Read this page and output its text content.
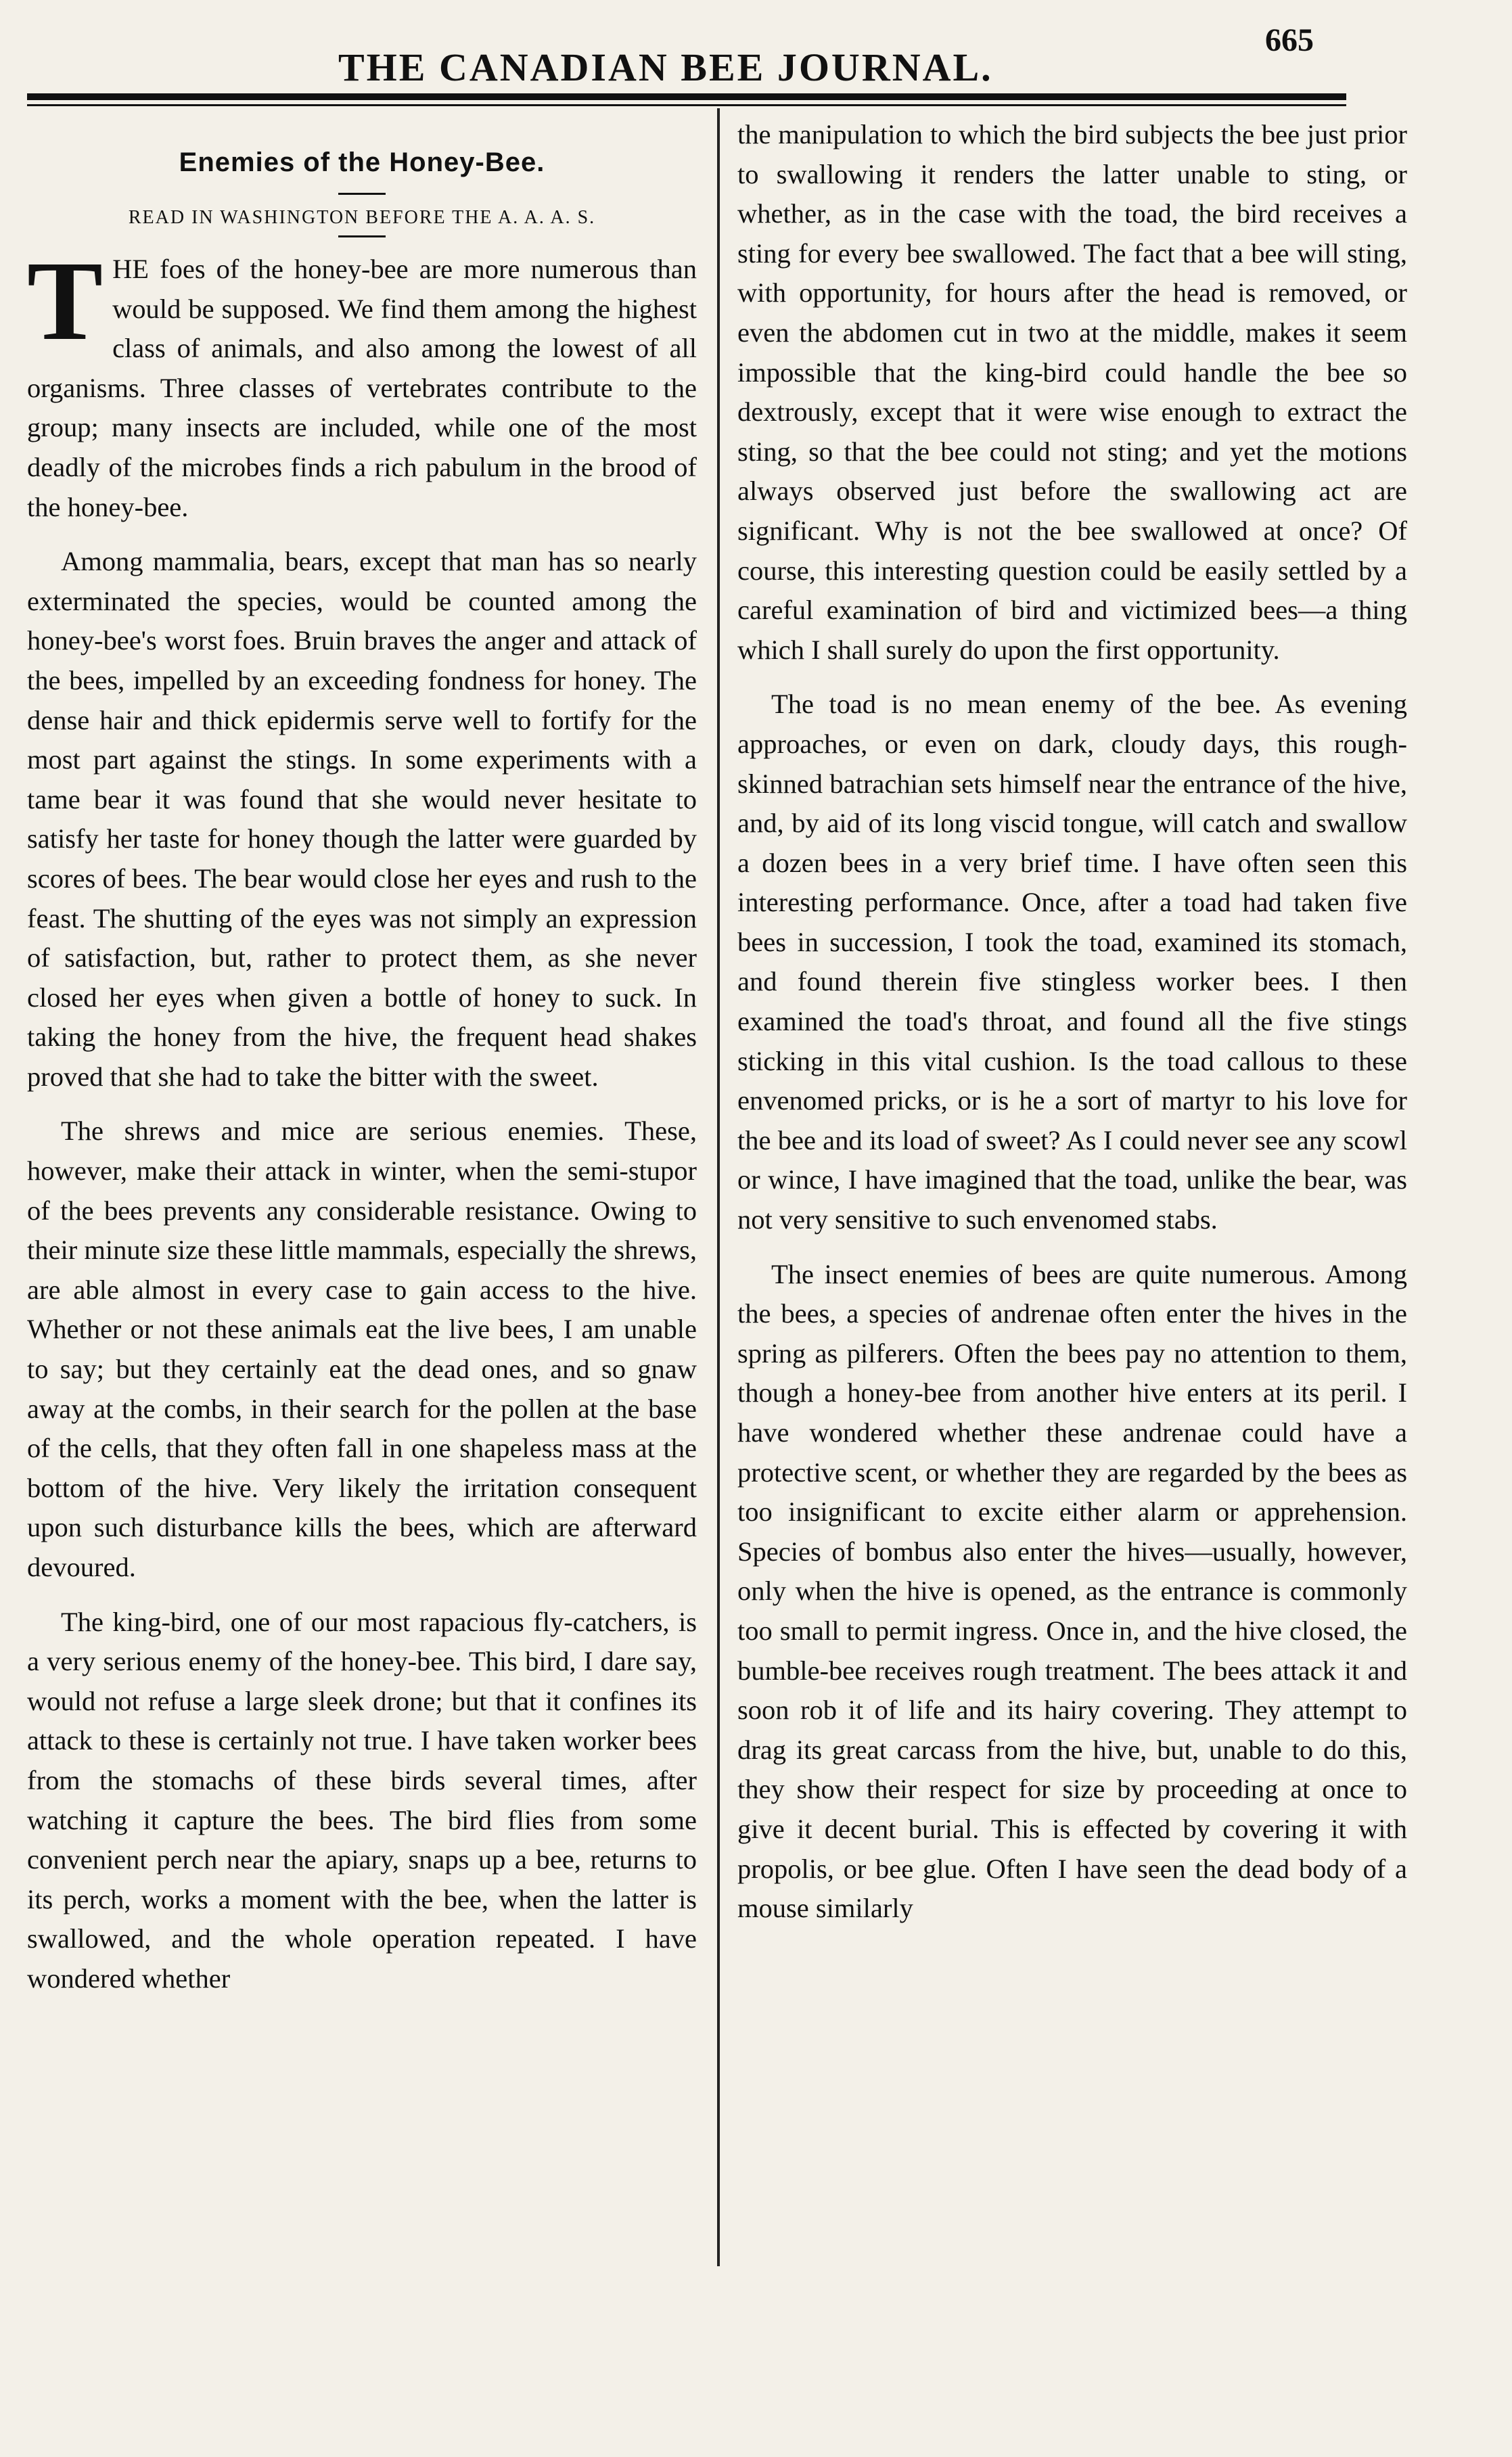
THE CANADIAN BEE JOURNAL.
665
Enemies of the Honey-Bee.
READ IN WASHINGTON BEFORE THE A. A. A. S.

T HE foes of the honey-bee are more numerous than would be supposed. We find them among the highest class of animals, and also among the lowest of all organisms. Three classes of vertebrates contribute to the group; many insects are included, while one of the most deadly of the microbes finds a rich pabulum in the brood of the honey-bee.

Among mammalia, bears, except that man has so nearly exterminated the species, would be counted among the honey-bee's worst foes. Bruin braves the anger and attack of the bees, impelled by an exceeding fondness for honey. The dense hair and thick epidermis serve well to fortify for the most part against the stings. In some experiments with a tame bear it was found that she would never hesitate to satisfy her taste for honey though the latter were guarded by scores of bees. The bear would close her eyes and rush to the feast. The shutting of the eyes was not simply an expression of satisfaction, but, rather to protect them, as she never closed her eyes when given a bottle of honey to suck. In taking the honey from the hive, the frequent head shakes proved that she had to take the bitter with the sweet.

The shrews and mice are serious enemies. These, however, make their attack in winter, when the semi-stupor of the bees prevents any considerable resistance. Owing to their minute size these little mammals, especially the shrews, are able almost in every case to gain access to the hive. Whether or not these animals eat the live bees, I am unable to say; but they certainly eat the dead ones, and so gnaw away at the combs, in their search for the pollen at the base of the cells, that they often fall in one shapeless mass at the bottom of the hive. Very likely the irritation consequent upon such disturbance kills the bees, which are afterward devoured.

The king-bird, one of our most rapacious fly-catchers, is a very serious enemy of the honey-bee. This bird, I dare say, would not refuse a large sleek drone; but that it confines its attack to these is certainly not true. I have taken worker bees from the stomachs of these birds several times, after watching it capture the bees. The bird flies from some convenient perch near the apiary, snaps up a bee, returns to its perch, works a moment with the bee, when the latter is swallowed, and the whole operation repeated. I have wondered whether

the manipulation to which the bird subjects the bee just prior to swallowing it renders the latter unable to sting, or whether, as in the case with the toad, the bird receives a sting for every bee swallowed. The fact that a bee will sting, with opportunity, for hours after the head is removed, or even the abdomen cut in two at the middle, makes it seem impossible that the king-bird could handle the bee so dextrously, except that it were wise enough to extract the sting, so that the bee could not sting; and yet the motions always observed just before the swallowing act are significant. Why is not the bee swallowed at once? Of course, this interesting question could be easily settled by a careful examination of bird and victimized bees—a thing which I shall surely do upon the first opportunity.

The toad is no mean enemy of the bee. As evening approaches, or even on dark, cloudy days, this rough-skinned batrachian sets himself near the entrance of the hive, and, by aid of its long viscid tongue, will catch and swallow a dozen bees in a very brief time. I have often seen this interesting performance. Once, after a toad had taken five bees in succession, I took the toad, examined its stomach, and found therein five stingless worker bees. I then examined the toad's throat, and found all the five stings sticking in this vital cushion. Is the toad callous to these envenomed pricks, or is he a sort of martyr to his love for the bee and its load of sweet? As I could never see any scowl or wince, I have imagined that the toad, unlike the bear, was not very sensitive to such envenomed stabs.

The insect enemies of bees are quite numerous. Among the bees, a species of andrenae often enter the hives in the spring as pilferers. Often the bees pay no attention to them, though a honey-bee from another hive enters at its peril. I have wondered whether these andrenae could have a protective scent, or whether they are regarded by the bees as too insignificant to excite either alarm or apprehension. Species of bombus also enter the hives—usually, however, only when the hive is opened, as the entrance is commonly too small to permit ingress. Once in, and the hive closed, the bumble-bee receives rough treatment. The bees attack it and soon rob it of life and its hairy covering. They attempt to drag its great carcass from the hive, but, unable to do this, they show their respect for size by proceeding at once to give it decent burial. This is effected by covering it with propolis, or bee glue. Often I have seen the dead body of a mouse similarly
